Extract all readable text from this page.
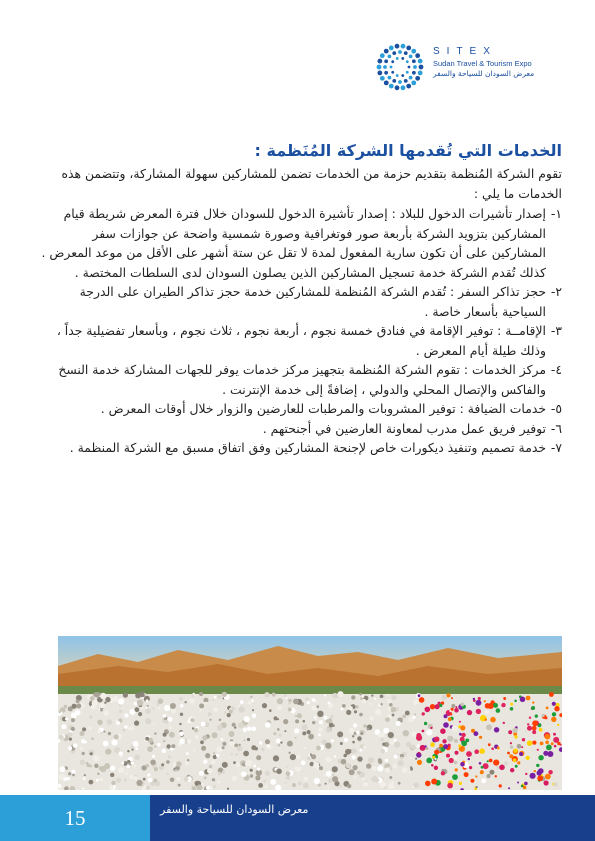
SITEX
Sudan Travel & Tourism Expo
معرض السودان للسياحة والسفر
الخدمات التي تُقدمها الشركة المُنَظمة :

تقوم الشركة المُنظمة بتقديم حزمة من الخدمات تضمن للمشاركين سهولة المشاركة، وتتضمن هذه الخدمات ما يلي :

١-
إصدار تأشيرات الدخول للبلاد : إصدار تأشيرة الدخول للسودان خلال فترة المعرض شريطة قيام المشاركين بتزويد الشركة بأربعة صور فوتغرافية وصورة شمسية واضحة عن جوازات سفر المشاركين على أن تكون سارية المفعول لمدة لا تقل عن ستة أشهر على الأقل من موعد المعرض . كذلك تُقدم الشركة خدمة تسجيل المشاركين الذين يصلون السودان لدى السلطات المختصة .
٢-
حجز تذاكر السفر : تُقدم الشركة المُنظمة للمشاركين خدمة حجز تذاكر الطيران على الدرجة السياحية بأسعار خاصة .
٣-
الإقامــة : توفير الإقامة في فنادق خمسة نجوم ، أربعة نجوم ، ثلاث نجوم ، وبأسعار تفضيلية جداً ، وذلك طيلة أيام المعرض .
٤-
مركز الخدمات : تقوم الشركة المُنظمة بتجهيز مركز خدمات يوفر للجهات المشاركة خدمة النسخ والفاكس والإتصال المحلي والدولي ، إضافةً إلى خدمة الإنترنت .
٥-
خدمات الضيافة : توفير المشروبات والمرطبات للعارضين والزوار خلال أوقات المعرض .
٦-
توفير فريق عمل مدرب لمعاونة العارضين في أجنحتهم .
٧-
خدمة تصميم وتنفيذ ديكورات خاص لإجنحة المشاركين وفق اتفاق مسبق مع الشركة المنظمة .
15	معرض السودان للسياحة والسفر
